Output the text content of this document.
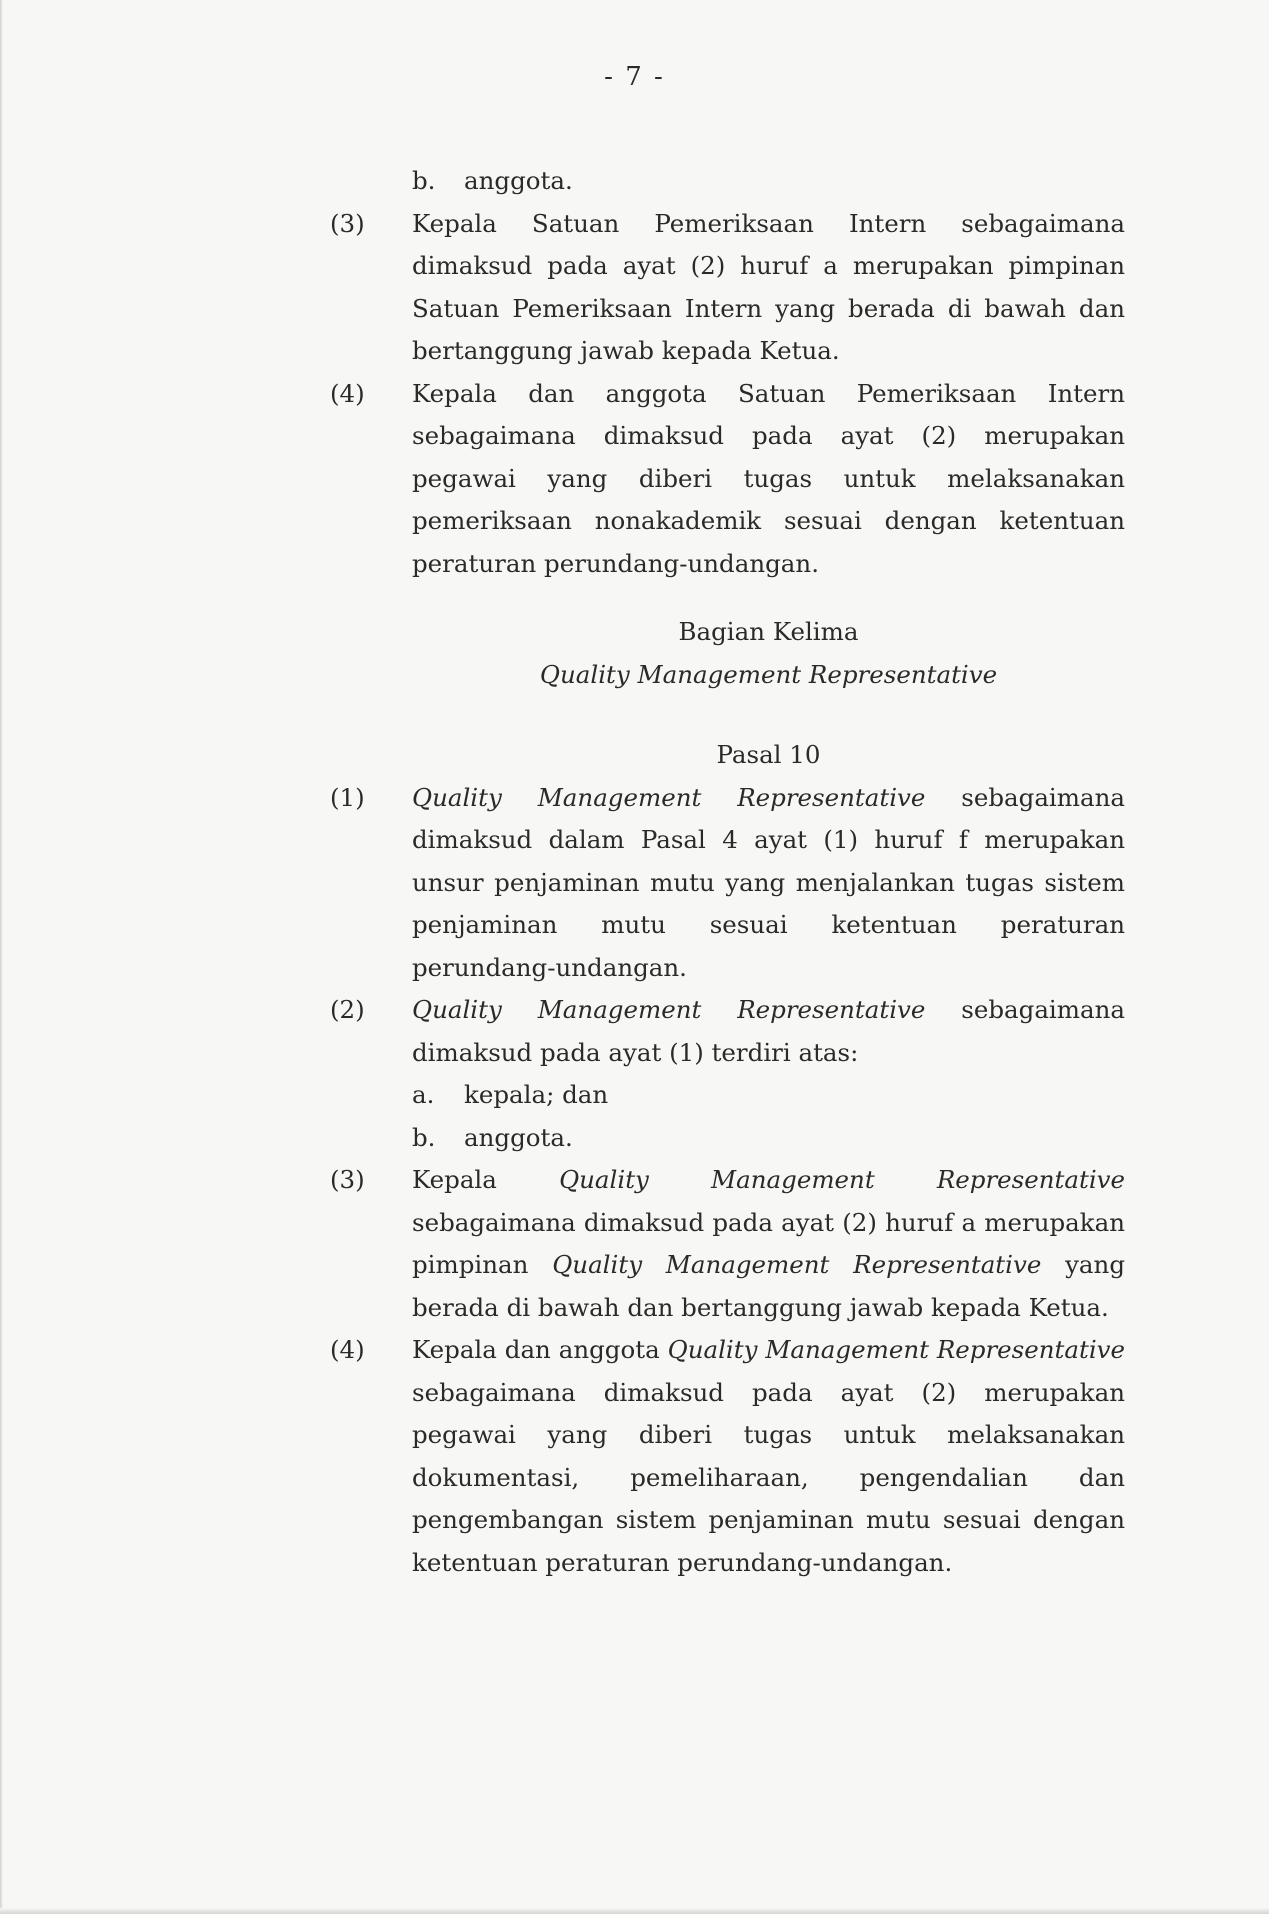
- 7 -
b. anggota.
(3)	Kepala Satuan Pemeriksaan Intern sebagaimana dimaksud pada ayat (2) huruf a merupakan pimpinan Satuan Pemeriksaan Intern yang berada di bawah dan bertanggung jawab kepada Ketua.
(4)	Kepala dan anggota Satuan Pemeriksaan Intern sebagaimana dimaksud pada ayat (2) merupakan pegawai yang diberi tugas untuk melaksanakan pemeriksaan nonakademik sesuai dengan ketentuan peraturan perundang-undangan.
Bagian Kelima
Quality Management Representative
Pasal 10
(1)	Quality Management Representative sebagaimana dimaksud dalam Pasal 4 ayat (1) huruf f merupakan unsur penjaminan mutu yang menjalankan tugas sistem penjaminan mutu sesuai ketentuan peraturan perundang-undangan.
(2)	Quality Management Representative sebagaimana dimaksud pada ayat (1) terdiri atas:
a. kepala; dan
b. anggota.
(3)	Kepala	Quality Management Representative sebagaimana dimaksud pada ayat (2) huruf a merupakan pimpinan Quality Management Representative yang berada di bawah dan bertanggung jawab kepada Ketua.
(4)	Kepala dan anggota Quality Management Representative sebagaimana dimaksud pada ayat (2) merupakan pegawai yang diberi tugas untuk melaksanakan dokumentasi, pemeliharaan, pengendalian dan pengembangan sistem penjaminan mutu sesuai dengan ketentuan peraturan perundang-undangan.
